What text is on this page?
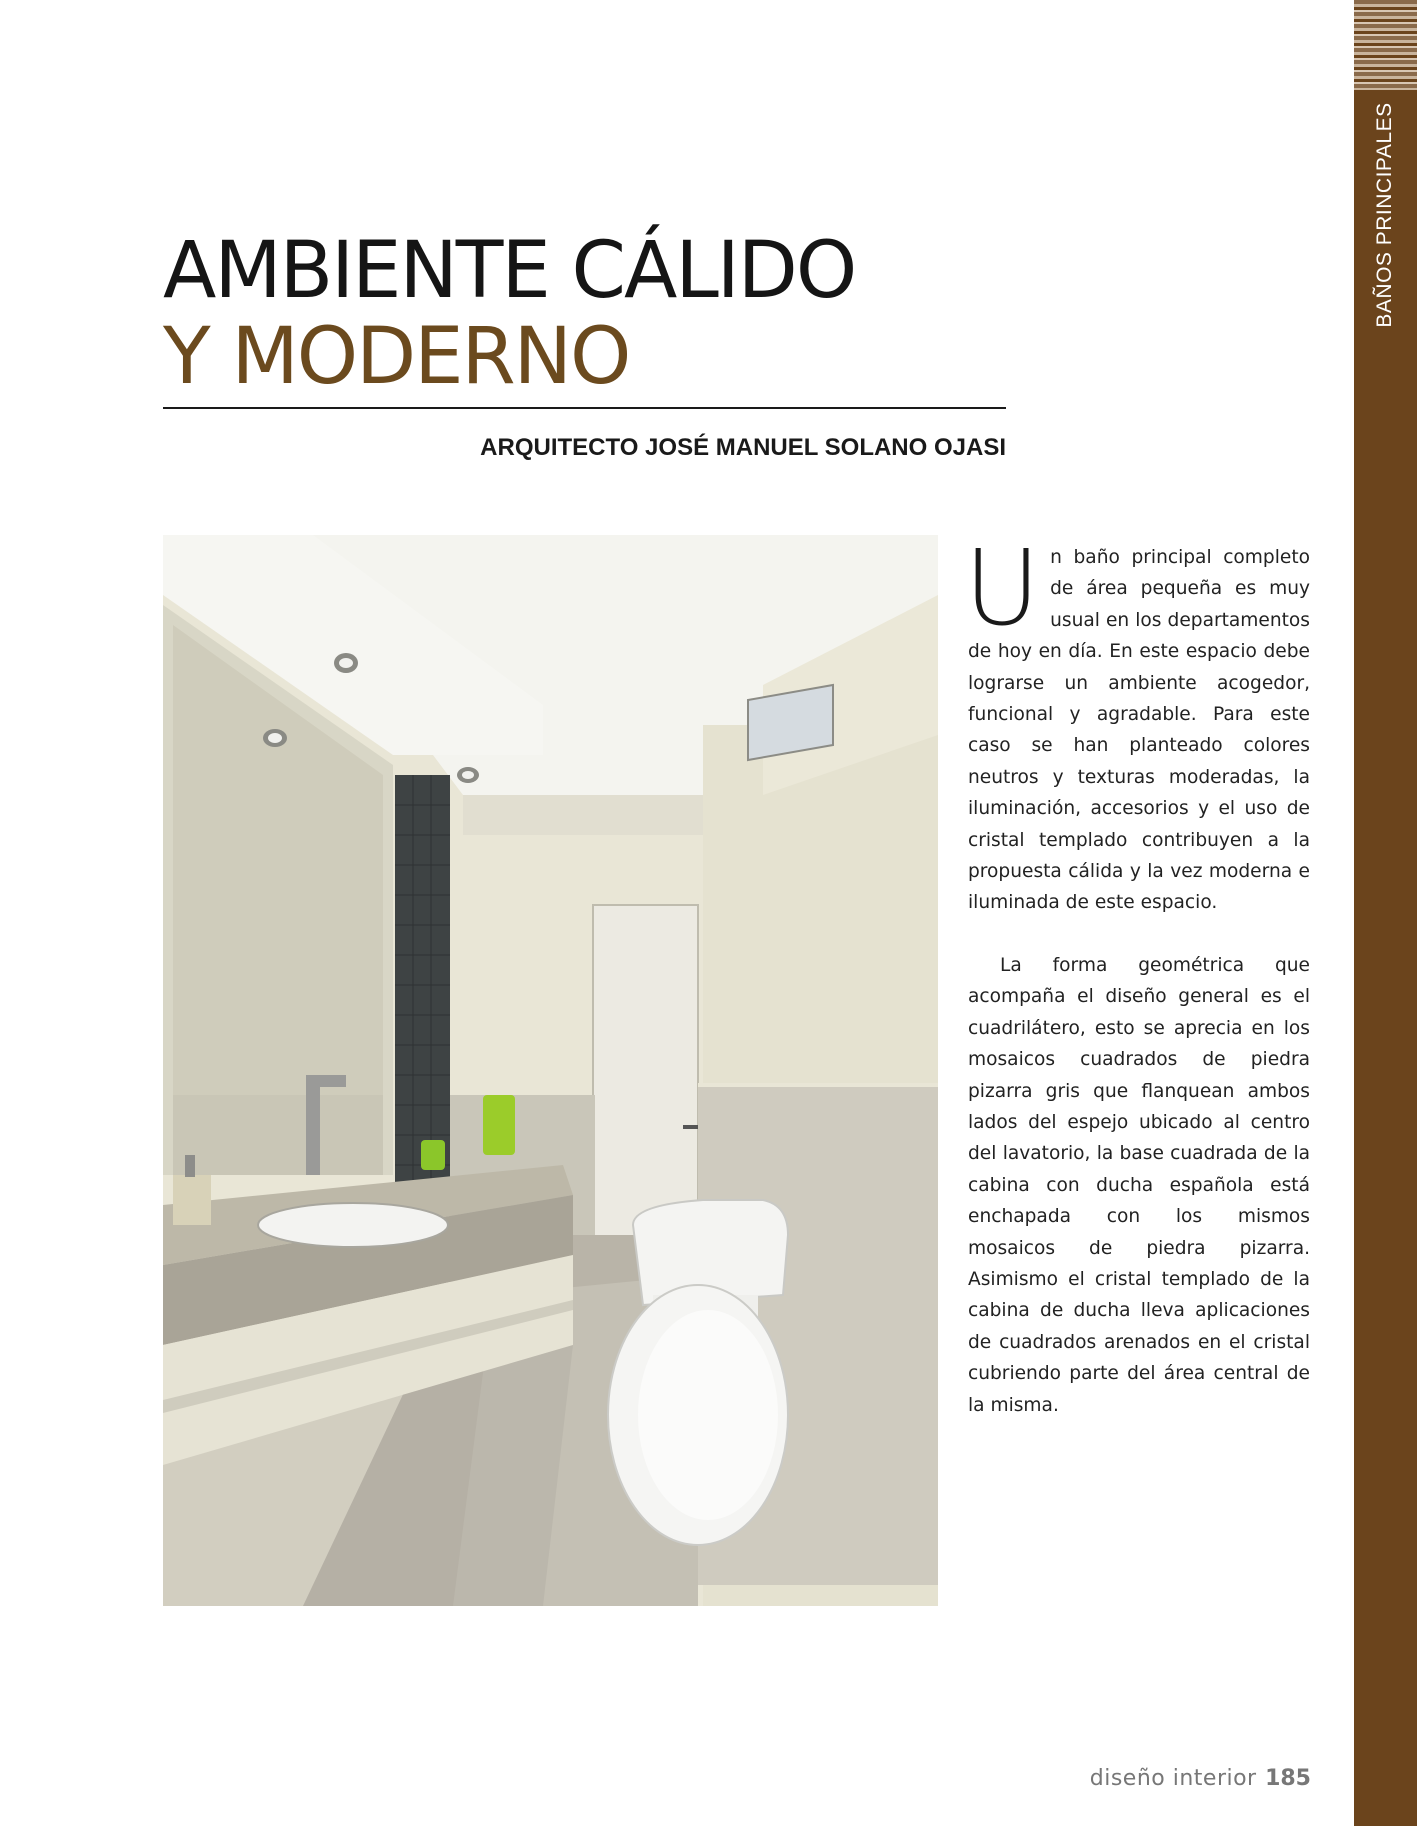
BAÑOS PRINCIPALES
AMBIENTE CÁLIDO
Y MODERNO
ARQUITECTO JOSÉ MANUEL SOLANO OJASI

Un baño principal completo de área pequeña es muy usual en los departamentos de hoy en día. En este espacio debe lograrse un ambiente acogedor, funcional y agradable. Para este caso se han planteado colores neutros y texturas moderadas, la iluminación, accesorios y el uso de cristal templado contribuyen a la propuesta cálida y la vez moderna e iluminada de este espacio.

La forma geométrica que acompaña el diseño general es el cuadrilátero, esto se aprecia en los mosaicos cuadrados de piedra pizarra gris que flanquean ambos lados del espejo ubicado al centro del lavatorio, la base cuadrada de la cabina con ducha española está enchapada con los mismos mosaicos de piedra pizarra. Asimismo el cristal templado de la cabina de ducha lleva aplicaciones de cuadrados arenados en el cristal cubriendo parte del área central de la misma.

diseño interior 185
